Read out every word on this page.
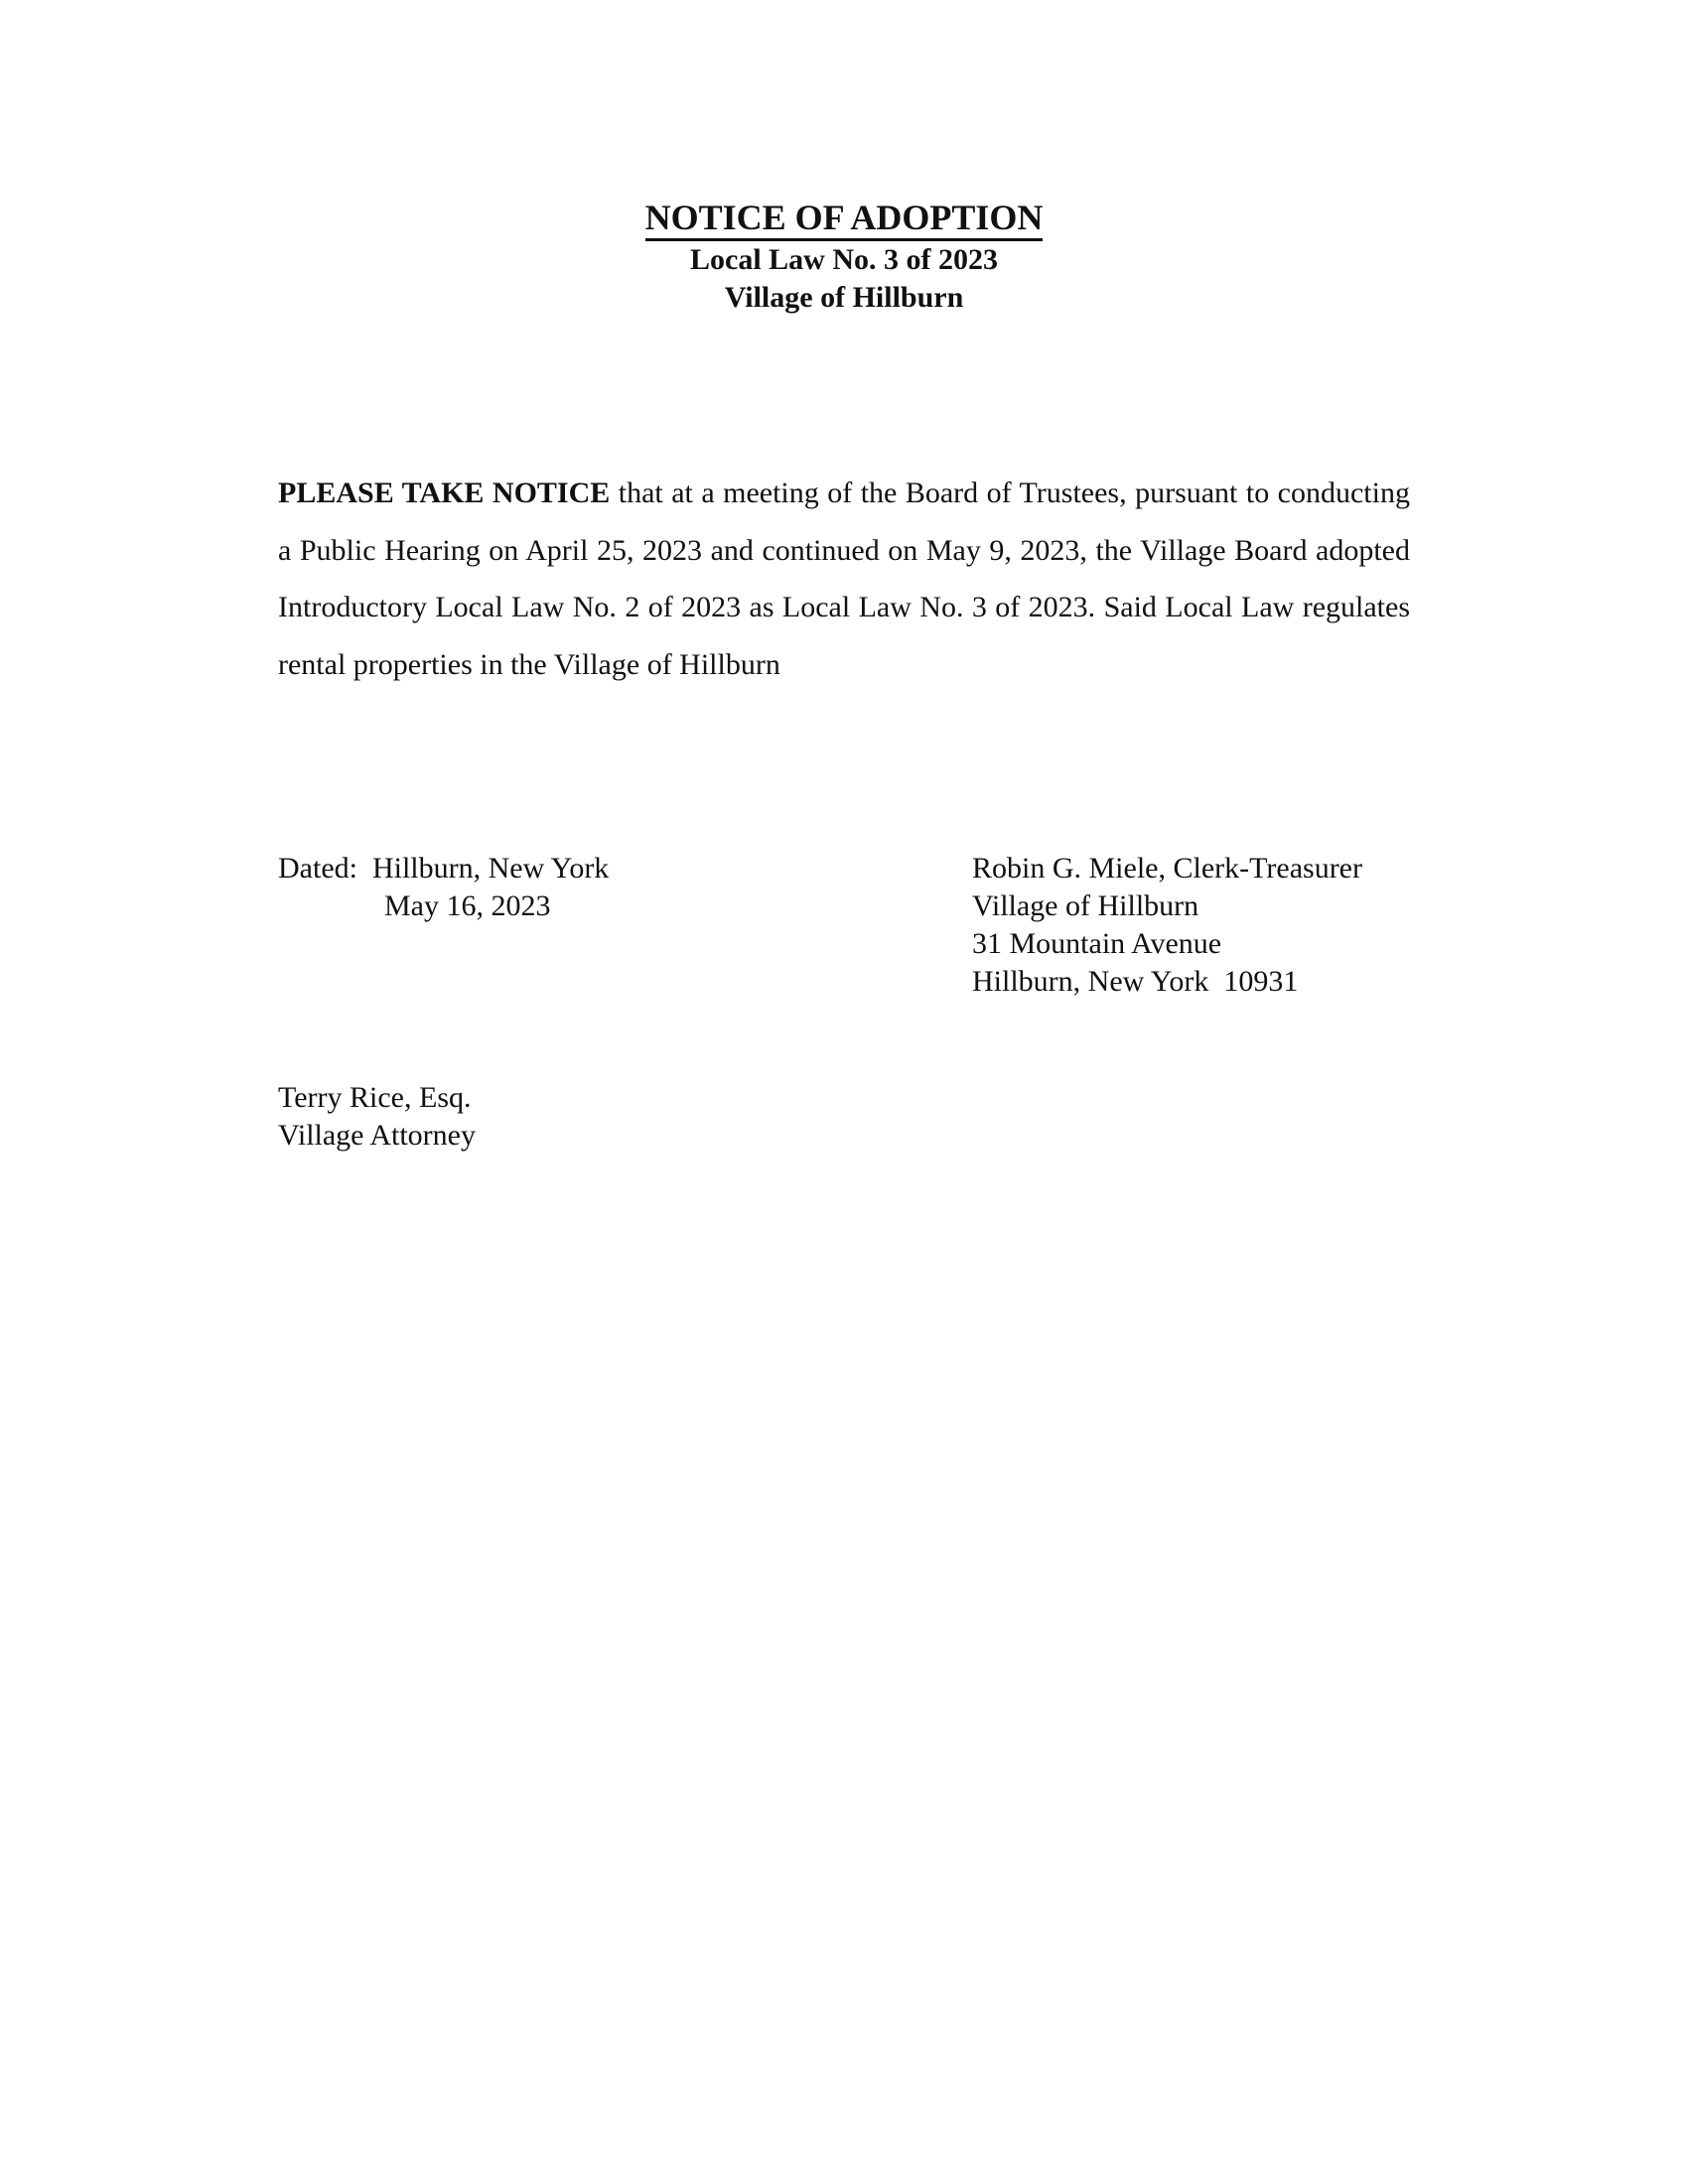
NOTICE OF ADOPTION
Local Law No. 3 of 2023
Village of Hillburn
PLEASE TAKE NOTICE that at a meeting of the Board of Trustees, pursuant to conducting a Public Hearing on April 25, 2023 and continued on May 9, 2023, the Village Board adopted Introductory Local Law No. 2 of 2023 as Local Law No. 3 of 2023. Said Local Law regulates rental properties in the Village of Hillburn
Dated:  Hillburn, New York
May 16, 2023
Robin G. Miele, Clerk-Treasurer
Village of Hillburn
31 Mountain Avenue
Hillburn, New York  10931
Terry Rice, Esq.
Village Attorney
